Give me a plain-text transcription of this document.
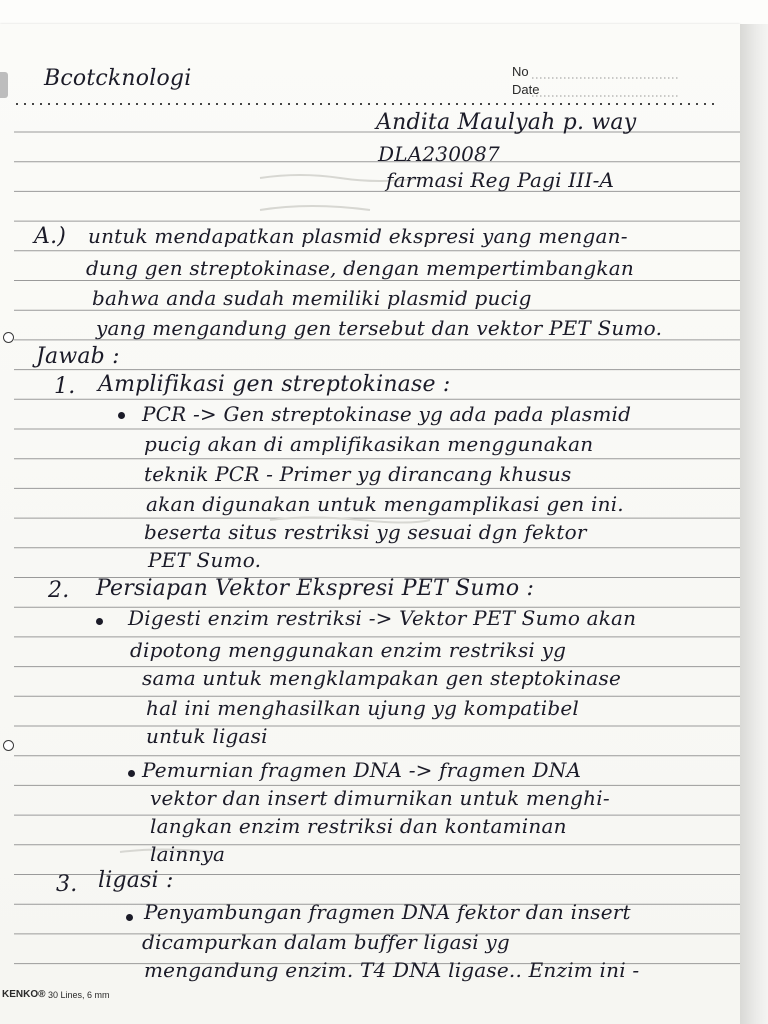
Bcotcknologi	No
Date
Andita Maulyah p. way
DLA230087
farmasi Reg Pagi III-A
A.) untuk mendapatkan plasmid ekspresi yang mengan-
dung gen streptokinase, dengan mempertimbangkan
bahwa anda sudah memiliki plasmid pucig
yang mengandung gen tersebut dan vektor PET Sumo.
Jawab :
1. Amplifikasi gen streptokinase :
PCR -> Gen streptokinase yg ada pada plasmid
pucig akan di amplifikasikan menggunakan
teknik PCR - Primer yg dirancang khusus
akan digunakan untuk mengamplikasi gen ini.
beserta situs restriksi yg sesuai dgn fektor
PET Sumo.
2. Persiapan Vektor Ekspresi PET Sumo :
Digesti enzim restriksi -> Vektor PET Sumo akan
dipotong menggunakan enzim restriksi yg
sama untuk mengklampakan gen steptokinase
hal ini menghasilkan ujung yg kompatibel
untuk ligasi
Pemurnian fragmen DNA -> fragmen DNA
vektor dan insert dimurnikan untuk menghi-
langkan enzim restriksi dan kontaminan
lainnya
3. ligasi :
Penyambungan fragmen DNA fektor dan insert
dicampurkan dalam buffer ligasi yg
mengandung enzim. T4 DNA ligase.. Enzim ini -
KENKO® 30 Lines, 6 mm
